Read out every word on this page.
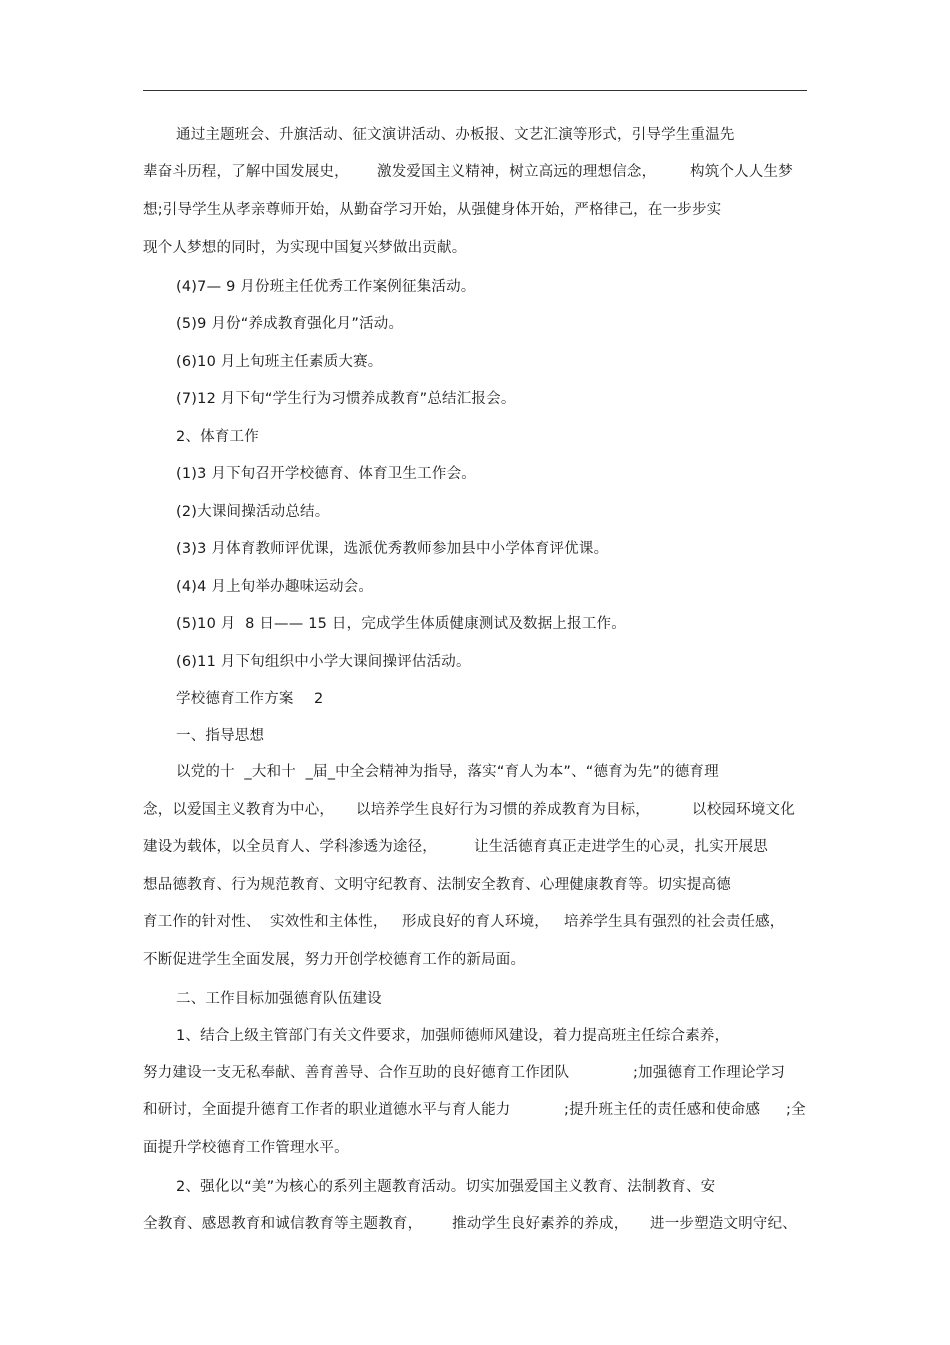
通过主题班会、升旗活动、征文演讲活动、办板报、文艺汇演等形式，引导学生重温先
辈奋斗历程，了解中国发展史， 激发爱国主义精神，树立高远的理想信念， 构筑个人人生梦
想;引导学生从孝亲尊师开始，从勤奋学习开始，从强健身体开始，严格律己，在一步步实
现个人梦想的同时，为实现中国复兴梦做出贡献。
(4)7— 9 月份班主任优秀工作案例征集活动。
(5)9 月份“养成教育强化月”活动。
(6)10 月上旬班主任素质大赛。
(7)12 月下旬“学生行为习惯养成教育”总结汇报会。
2、体育工作
(1)3 月下旬召开学校德育、体育卫生工作会。
(2)大课间操活动总结。
(3)3 月体育教师评优课，选派优秀教师参加县中小学体育评优课。
(4)4 月上旬举办趣味运动会。
(5)10 月  8 日—— 15 日，完成学生体质健康测试及数据上报工作。
(6)11 月下旬组织中小学大课间操评估活动。
学校德育工作方案 2
一、指导思想
以党的十  _大和十  _届_中全会精神为指导，落实“育人为本”、“德育为先”的德育理
念，以爱国主义教育为中心， 以培养学生良好行为习惯的养成教育为目标，	以校园环境文化
建设为载体，以全员育人、学科渗透为途径，	让生活德育真正走进学生的心灵，扎实开展思
想品德教育、行为规范教育、文明守纪教育、法制安全教育、心理健康教育等。切实提高德
育工作的针对性、 实效性和主体性， 形成良好的育人环境， 培养学生具有强烈的社会责任感，
不断促进学生全面发展，努力开创学校德育工作的新局面。
二、工作目标加强德育队伍建设
1、结合上级主管部门有关文件要求，加强师德师风建设，着力提高班主任综合素养，
努力建设一支无私奉献、善育善导、合作互助的良好德育工作团队	;加强德育工作理论学习
和研讨，全面提升德育工作者的职业道德水平与育人能力	;提升班主任的责任感和使命感 ;全
面提升学校德育工作管理水平。
2、强化以“美”为核心的系列主题教育活动。切实加强爱国主义教育、法制教育、安
全教育、感恩教育和诚信教育等主题教育， 推动学生良好素养的养成， 进一步塑造文明守纪、
